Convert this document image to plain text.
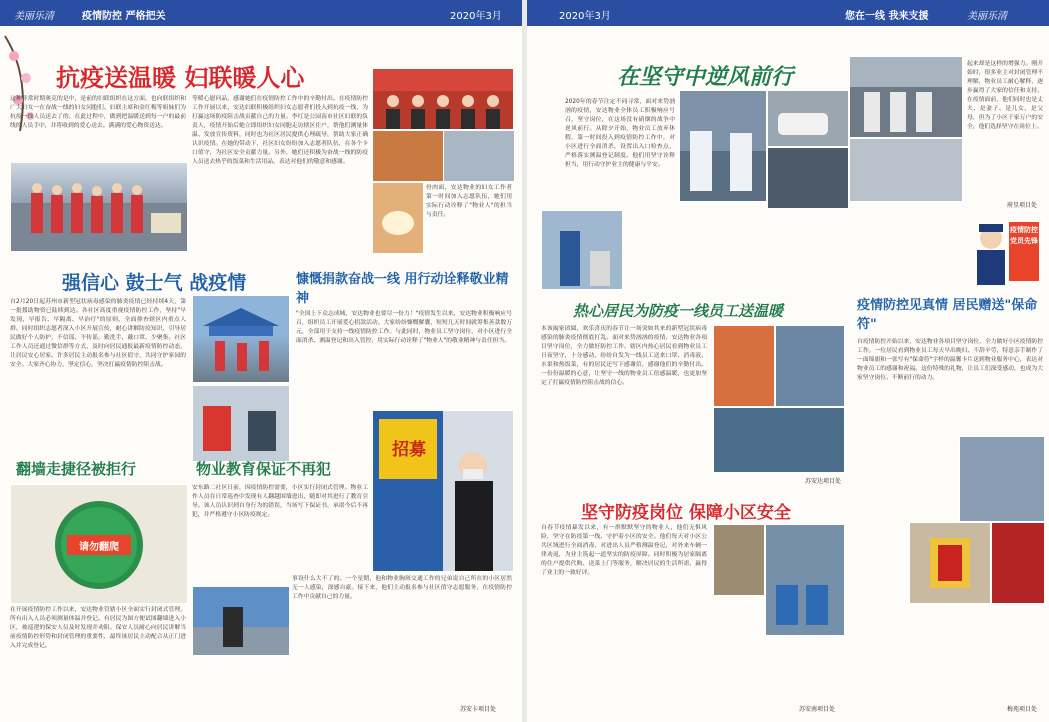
美丽乐清	疫情防控 严格把关	2020年3月
抗疫送温暖 妇联暖人心
这种非常时期奥克的是中，是前的妇联组织在这方面，也向联组织和广大妇女一在奋战一线的妇女同胞们、妇联主席和金红梅等姐妹们为抗疫一线人员送去了的。在此过程中，做到把温暖送到每一户的最前线的人员手中，并将收到的爱心送去。满满的爱心物资送达。
等暖心慰问品，感谢她们在疫情防控工作中的辛勤付出。在疫情防控工作开展以来，安达妇联积极组织妇女志愿者们投入到抗疫一线，为打赢这场防疫阻击战贡献自己的力量。李红是公园南市社区妇联的负责人，疫情开始后她立即组织妇女同胞走访辖区住户，帮他们测量体温、发放宣传资料，同时也为社区居民提供心理疏导，帮助大家正确认识疫情。在她的带动下，社区妇女纷纷加入志愿者队伍，在各个卡口值守，为社区安全贡献力量。另外，她们还积极为奋战一线的防疫人员送去热乎的饭菜和生活用品，表达对他们的敬意和感谢。
骨肉面，安达物业的妇女工作者第一时间加入志愿队伍，她们用实际行动诠释了"物业人"的担当与责任。
强信心 鼓士气 战疫情
自2月20日起苏州市新型冠状病毒感染的肺炎疫情已经持续4天，第一批援助物资已陆续到达。各社区高度重视疫情防控工作，坚持"早发现、早报告、早隔离、早治疗"的原则，全面排查辖区内重点人群。同时组织志愿者深入小区开展宣传，耐心讲解防疫知识，引导居民做好个人防护，不信谣、不传谣，勤洗手、戴口罩、少聚集。社区工作人员还通过微信群等方式，及时向居民通报最新疫情防控动态，让居民安心居家。许多居民主动报名参与社区值守，共同守护家园的安全。大家齐心协力，坚定信心，坚决打赢疫情防控阻击战。
慷慨捐款奋战一线 用行动诠释敬业精神
"全国上下众志成城，安达物业也要尽一份力！"疫情发生以来，安达物业积极响应号召，组织员工开展爱心捐款活动。大家纷纷慷慨解囊，短短几天时间就筹集善款数万元，全部用于支持一线疫情防控工作。与此同时，物业员工坚守岗位，对小区进行全面消杀、测温登记和出入管控，用实际行动诠释了"物业人"的敬业精神与责任担当。
翻墙走捷径被拒行
请勿翻爬
在开展疫情防控工作以来，安达物业管辖小区全面实行封闭式管理，所有出入人员必须测量体温并登记。有居民为图方便试图翻墙进入小区，被巡逻的保安人员及时发现并劝阻。保安人员耐心向居民讲解当前疫情防控形势和封闭管理的重要性，最终该居民主动配合从正门进入并完成登记。
物业教育保证不再犯
安东路二社区日前，因疫情防控需要，小区实行封闭式管理。物业工作人员在日常巡查中发现有人翻越围墙进出，随即对其进行了教育引导。该人员认识到自身行为的错误，当场写下保证书，承诺今后不再犯，并严格遵守小区防疫规定。
招募
事设什么大不了的。一个星期，他和物业胸斑交通工作的兄弟说自己所在的小区居然无一人感染，深感自豪。接下来，他们主动报名参与社区值守志愿服务，在疫情防控工作中贡献自己的力量。
苏安卡项目处
2020年3月	您在一线 我来支援	美丽乐清
在坚守中逆风前行
2020年的春节注定不同寻常，面对来势汹汹的疫情，安达物业全体员工积极响应号召，坚守岗位，在这场没有硝烟的战争中逆风前行。从除夕开始，物业员工放弃休假，第一时间投入到疫情防控工作中，对小区进行全面消杀，设置出入口检查点，严格落实测温登记制度。他们用坚守诠释担当，用行动守护业主的健康与平安。
起来却是这样的增强力。刚开始时，很多业主对封闭管理不理解，物业员工耐心解释，逐步赢得了大家的信任和支持。在疫情面前，他们同时也是丈夫、是妻子、是儿女、是父母，但为了小区千家万户的安全，他们选择坚守在岗位上。
府星项目处
疫情防控 党员先锋
热心居民为防疫一线员工送温暖
本该阖家团圆，欢乐喜庆的春节让一场突如其来的新型冠状病毒感染的肺炎疫情彻底打乱。面对来势汹汹的疫情，安达物业各项目坚守岗位，全力做好防控工作。辖区内热心居民看到物业员工日夜坚守，十分感动，纷纷自发为一线员工送来口罩、消毒液、水果和热饭菜，有的居民还写下感谢信，感谢他们的辛勤付出。一份份温暖的心意，让坚守一线的物业员工倍感温暖，也更加坚定了打赢疫情防控阻击战的信心。
苏安达项目处
坚守防疫岗位 保障小区安全
自春节疫情暴发以来，有一群默默坚守的物业人，他们无惧风险，坚守在防疫第一线，守护着小区的安全。他们每天对小区公共区域进行全面消毒，对进出人员严格测温登记，对外来车辆一律劝返，为业主筑起一道坚实的防疫屏障。同时积极为居家隔离的住户提供代购、送菜上门等服务，解决居民的生活所需，赢得了业主的一致好评。
苏安南项目处
疫情防控见真情 居民赠送"保命符"
自疫情防控开始以来，安达物业各项目坚守岗位，全力做好小区疫情防控工作。一位居民看到物业员工每天早出晚归、不辞辛劳，特意亲手制作了一面锦旗和一张写有"保命符"字样的温馨卡片送到物业服务中心，表达对物业员工的感谢和祝福。这份特殊的礼物，让员工们深受感动，也成为大家坚守岗位、不断前行的动力。
梅苑项目处
